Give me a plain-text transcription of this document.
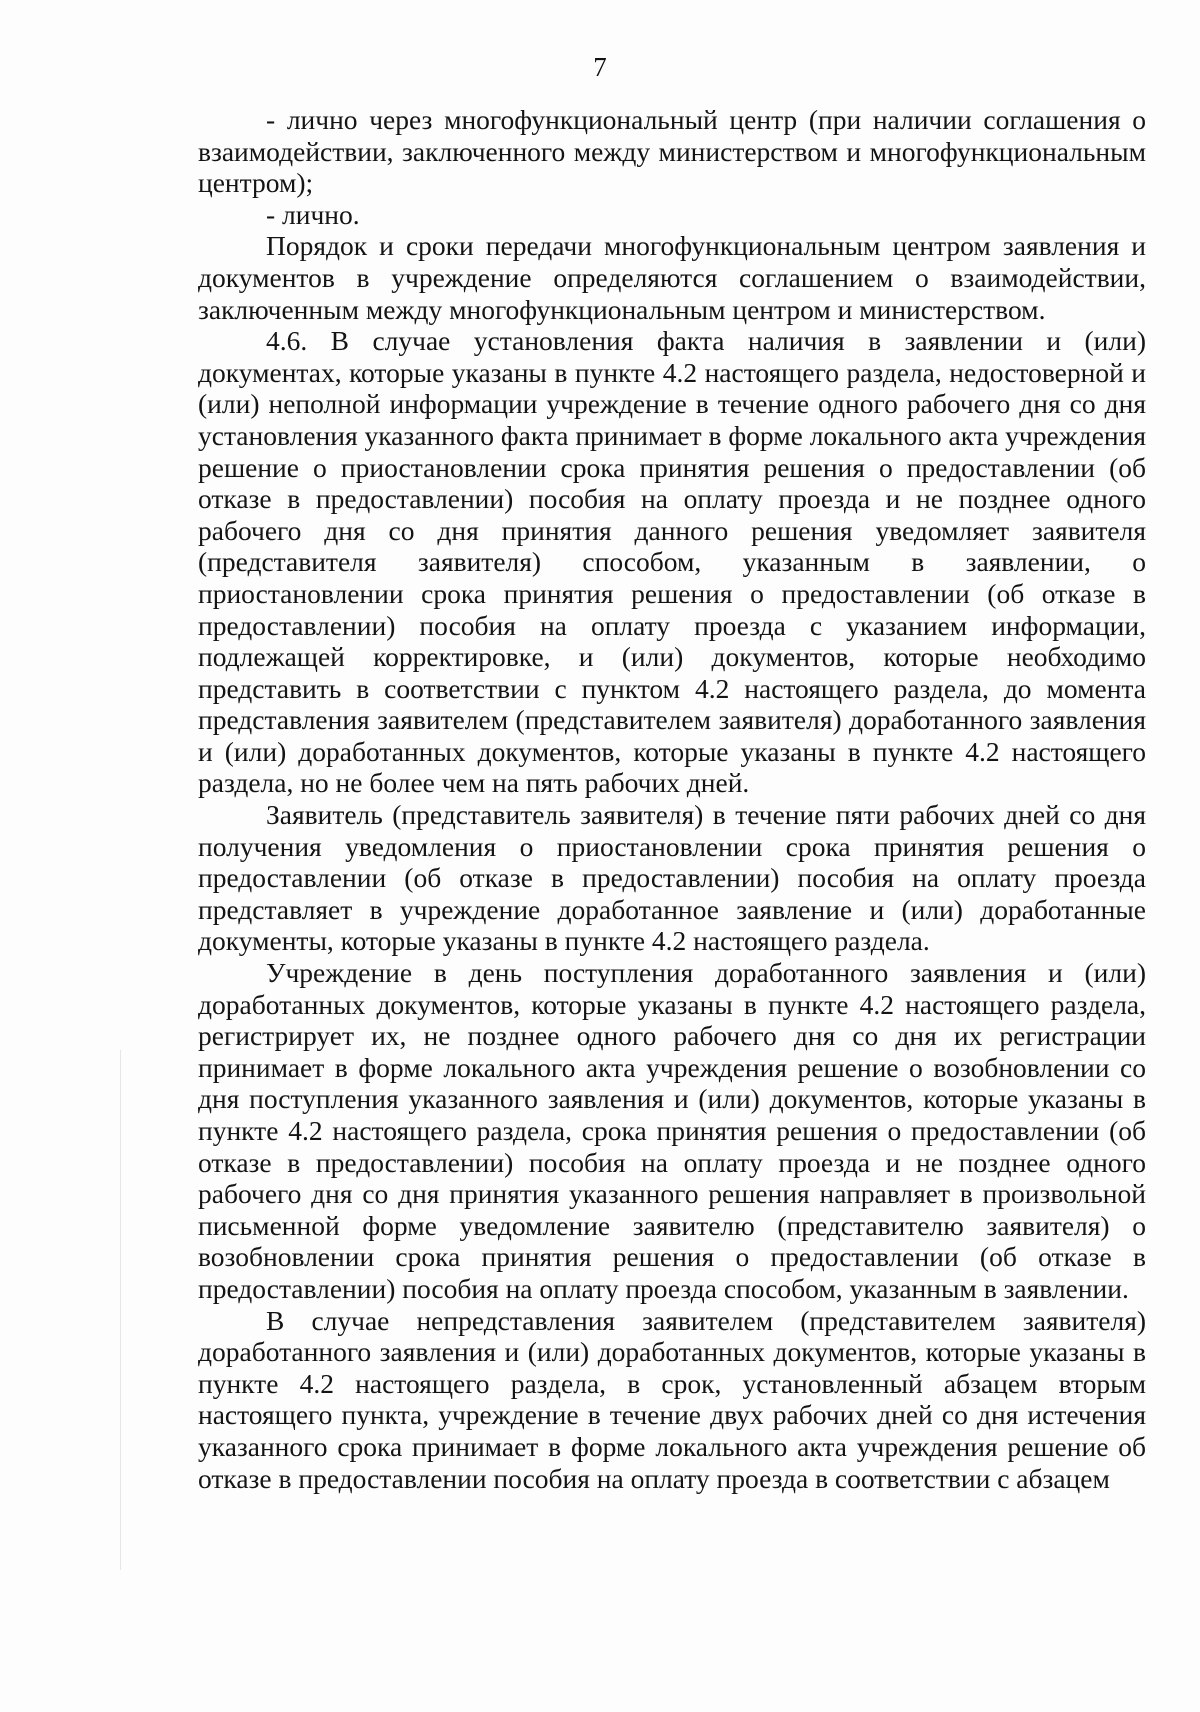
7

- лично через многофункциональный центр (при наличии соглашения о взаимодействии, заключенного между министерством и многофункциональным центром);

- лично.

Порядок и сроки передачи многофункциональным центром заявления и документов в учреждение определяются соглашением о взаимодействии, заключенным между многофункциональным центром и министерством.

4.6. В случае установления факта наличия в заявлении и (или) документах, которые указаны в пункте 4.2 настоящего раздела, недостоверной и (или) неполной информации учреждение в течение одного рабочего дня со дня установления указанного факта принимает в форме локального акта учреждения решение о приостановлении срока принятия решения о предоставлении (об отказе в предоставлении) пособия на оплату проезда и не позднее одного рабочего дня со дня принятия данного решения уведомляет заявителя (представителя заявителя) способом, указанным в заявлении, о приостановлении срока принятия решения о предоставлении (об отказе в предоставлении) пособия на оплату проезда с указанием информации, подлежащей корректировке, и (или) документов, которые необходимо представить в соответствии с пунктом 4.2 настоящего раздела, до момента представления заявителем (представителем заявителя) доработанного заявления и (или) доработанных документов, которые указаны в пункте 4.2 настоящего раздела, но не более чем на пять рабочих дней.

Заявитель (представитель заявителя) в течение пяти рабочих дней со дня получения уведомления о приостановлении срока принятия решения о предоставлении (об отказе в предоставлении) пособия на оплату проезда представляет в учреждение доработанное заявление и (или) доработанные документы, которые указаны в пункте 4.2 настоящего раздела.

Учреждение в день поступления доработанного заявления и (или) доработанных документов, которые указаны в пункте 4.2 настоящего раздела, регистрирует их, не позднее одного рабочего дня со дня их регистрации принимает в форме локального акта учреждения решение о возобновлении со дня поступления указанного заявления и (или) документов, которые указаны в пункте 4.2 настоящего раздела, срока принятия решения о предоставлении (об отказе в предоставлении) пособия на оплату проезда и не позднее одного рабочего дня со дня принятия указанного решения направляет в произвольной письменной форме уведомление заявителю (представителю заявителя) о возобновлении срока принятия решения о предоставлении (об отказе в предоставлении) пособия на оплату проезда способом, указанным в заявлении.

В случае непредставления заявителем (представителем заявителя) доработанного заявления и (или) доработанных документов, которые указаны в пункте 4.2 настоящего раздела, в срок, установленный абзацем вторым настоящего пункта, учреждение в течение двух рабочих дней со дня истечения указанного срока принимает в форме локального акта учреждения решение об отказе в предоставлении пособия на оплату проезда в соответствии с абзацем
